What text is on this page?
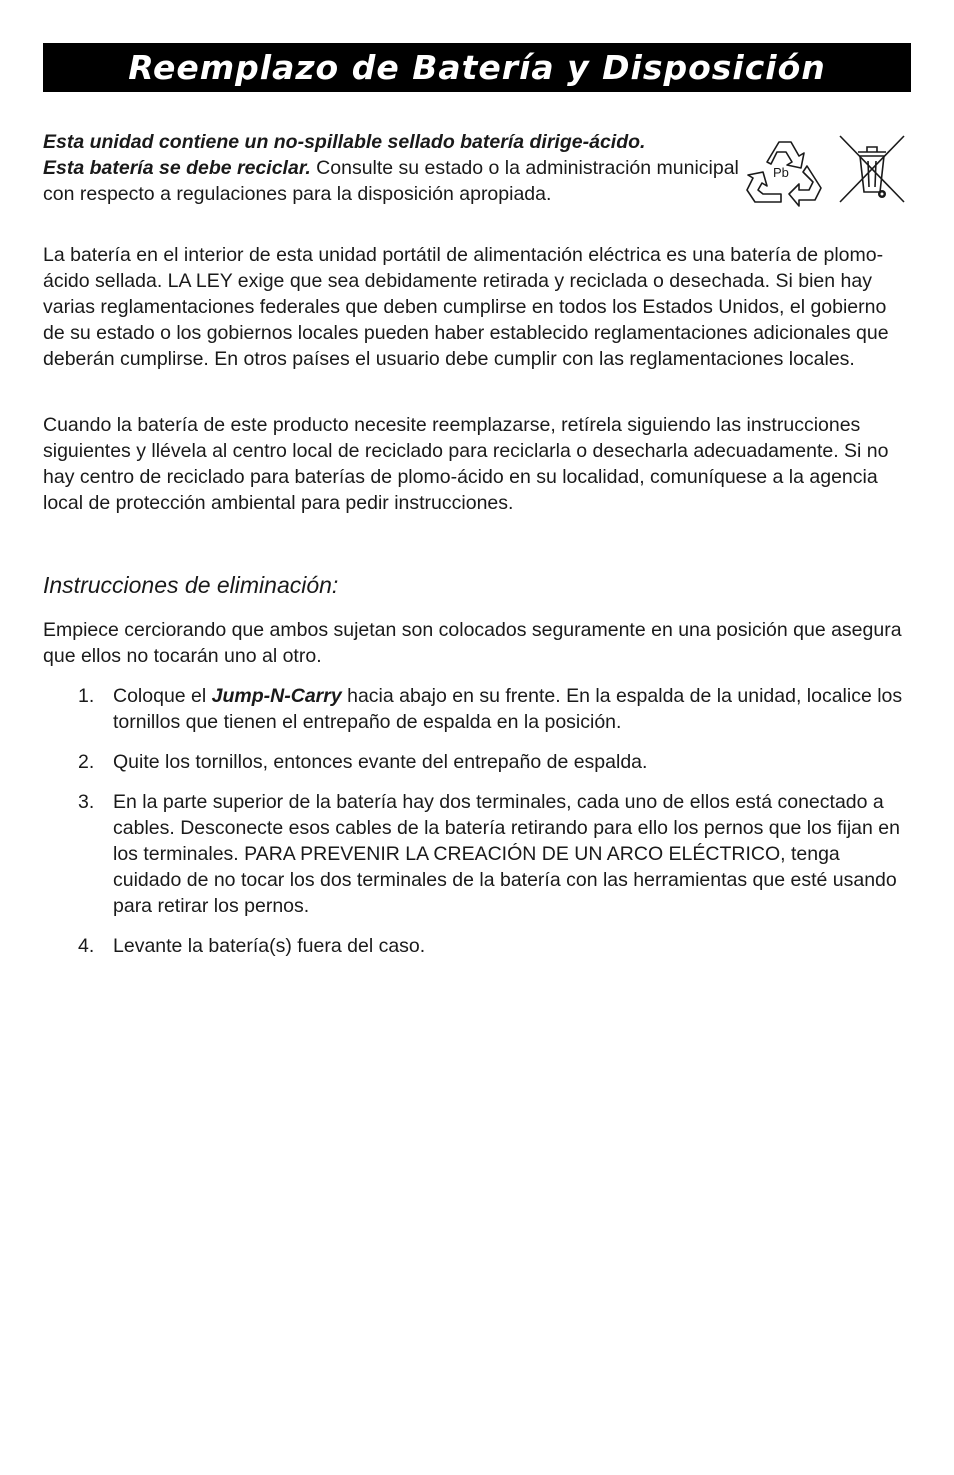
Reemplazo de Batería y Disposición
Esta unidad contiene un no-spillable sellado batería dirige-ácido.
Esta batería se debe reciclar. Consulte su estado o la administración municipal con respecto a regulaciones para la disposición apropiada.
Pb

La batería en el interior de esta unidad portátil de alimentación eléctrica es una batería de plomo-ácido sellada. LA LEY exige que sea debidamente retirada y reciclada o desechada. Si bien hay varias reglamentaciones federales que deben cumplirse en todos los Estados Unidos, el gobierno de su estado o los gobiernos locales pueden haber establecido reglamentaciones adicionales que deberán cumplirse. En otros países el usuario debe cumplir con las reglamentaciones locales.

Cuando la batería de este producto necesite reemplazarse, retírela siguiendo las instrucciones siguientes y llévela al centro local de reciclado para reciclarla o desecharla adecuadamente. Si no hay centro de reciclado para baterías de plomo-ácido en su localidad, comuníquese a la agencia local de protección ambiental para pedir instrucciones.

Instrucciones de eliminación:

Empiece cerciorando que ambos sujetan son colocados seguramente en una posición que asegura que ellos no tocarán uno al otro.

1. Coloque el Jump-N-Carry hacia abajo en su frente. En la espalda de la unidad, localice los tornillos que tienen el entrepaño de espalda en la posición.
2. Quite los tornillos, entonces evante del entrepaño de espalda.
3. En la parte superior de la batería hay dos terminales, cada uno de ellos está conectado a cables. Desconecte esos cables de la batería retirando para ello los pernos que los fijan en los terminales. PARA PREVENIR LA CREACIÓN DE UN ARCO ELÉCTRICO, tenga cuidado de no tocar los dos terminales de la batería con las herramientas que esté usando para retirar los pernos.
4. Levante la batería(s) fuera del caso.
